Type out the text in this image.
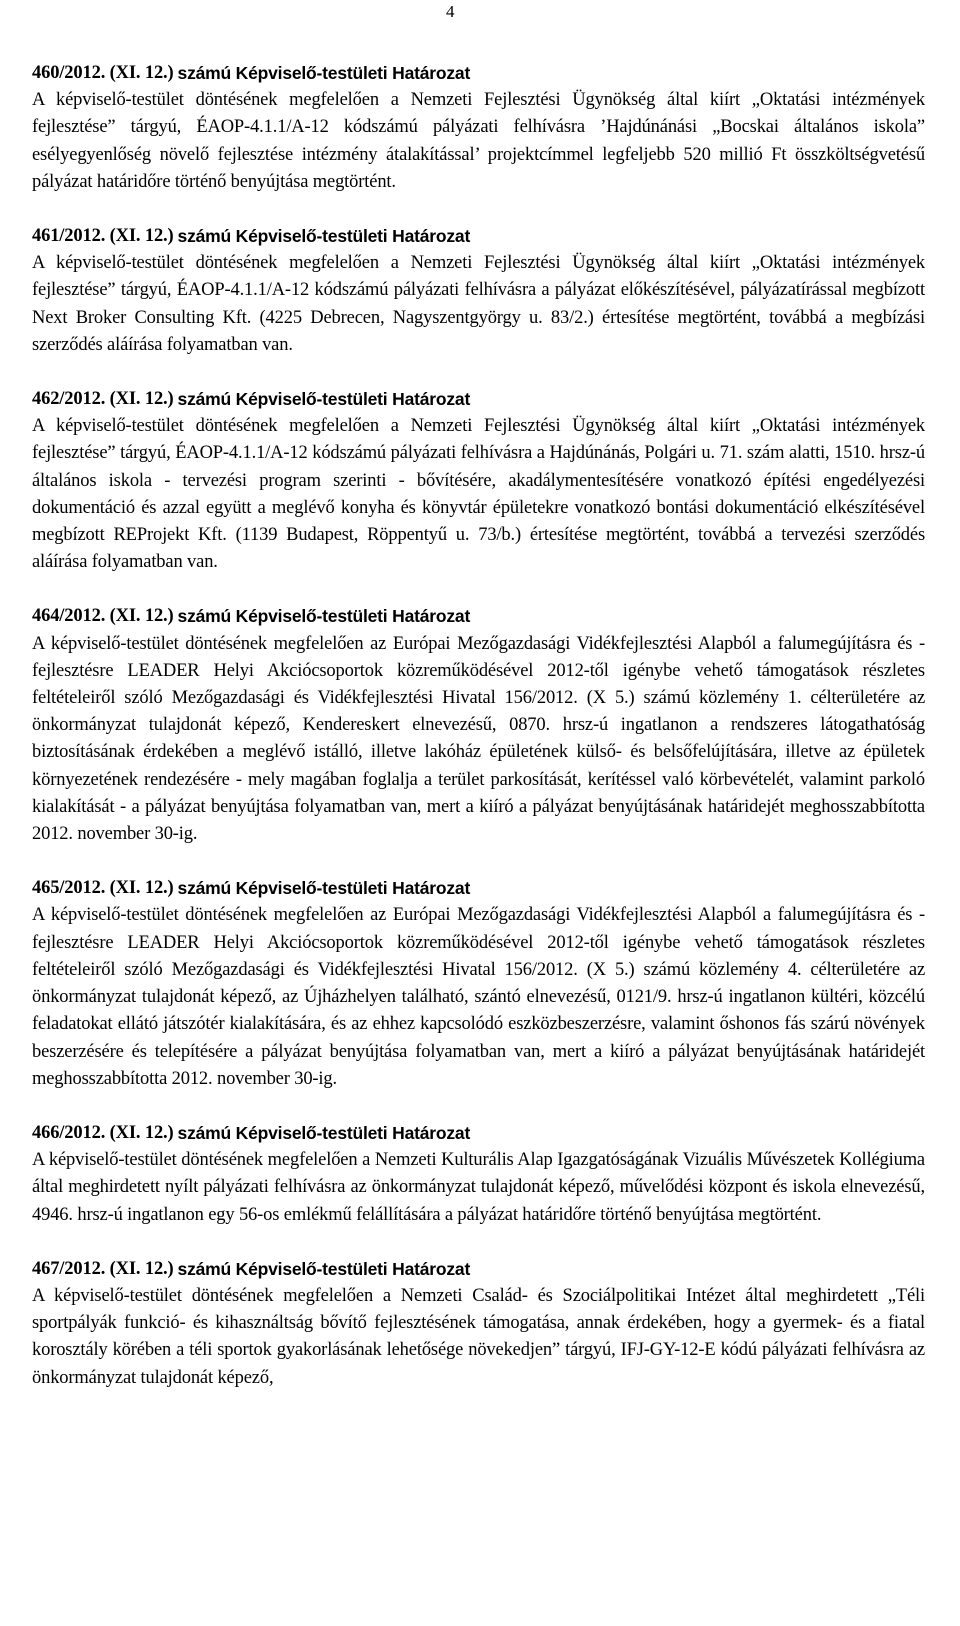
4
460/2012. (XI. 12.) számú Képviselő-testületi Határozat

A képviselő-testület döntésének megfelelően a Nemzeti Fejlesztési Ügynökség által kiírt „Oktatási intézmények fejlesztése” tárgyú, ÉAOP-4.1.1/A-12 kódszámú pályázati felhívásra ’Hajdúnánási „Bocskai általános iskola” esélyegyenlőség növelő fejlesztése intézmény átalakítással’ projektcímmel legfeljebb 520 millió Ft összköltségvetésű pályázat határidőre történő benyújtása megtörtént.

461/2012. (XI. 12.) számú Képviselő-testületi Határozat

A képviselő-testület döntésének megfelelően a Nemzeti Fejlesztési Ügynökség által kiírt „Oktatási intézmények fejlesztése” tárgyú, ÉAOP-4.1.1/A-12 kódszámú pályázati felhívásra a pályázat előkészítésével, pályázatírással megbízott Next Broker Consulting Kft. (4225 Debrecen, Nagyszentgyörgy u. 83/2.) értesítése megtörtént, továbbá a megbízási szerződés aláírása folyamatban van.

462/2012. (XI. 12.) számú Képviselő-testületi Határozat

A képviselő-testület döntésének megfelelően a Nemzeti Fejlesztési Ügynökség által kiírt „Oktatási intézmények fejlesztése” tárgyú, ÉAOP-4.1.1/A-12 kódszámú pályázati felhívásra a Hajdúnánás, Polgári u. 71. szám alatti, 1510. hrsz-ú általános iskola - tervezési program szerinti - bővítésére, akadálymentesítésére vonatkozó építési engedélyezési dokumentáció és azzal együtt a meglévő konyha és könyvtár épületekre vonatkozó bontási dokumentáció elkészítésével megbízott REProjekt Kft. (1139 Budapest, Röppentyű u. 73/b.) értesítése megtörtént, továbbá a tervezési szerződés aláírása folyamatban van.

464/2012. (XI. 12.) számú Képviselő-testületi Határozat

A képviselő-testület döntésének megfelelően az Európai Mezőgazdasági Vidékfejlesztési Alapból a falumegújításra és -fejlesztésre LEADER Helyi Akciócsoportok közreműködésével 2012-től igénybe vehető támogatások részletes feltételeiről szóló Mezőgazdasági és Vidékfejlesztési Hivatal 156/2012. (X 5.) számú közlemény 1. célterületére az önkormányzat tulajdonát képező, Kendereskert elnevezésű, 0870. hrsz-ú ingatlanon a rendszeres látogathatóság biztosításának érdekében a meglévő istálló, illetve lakóház épületének külső- és belsőfelújítására, illetve az épületek környezetének rendezésére - mely magában foglalja a terület parkosítását, kerítéssel való körbevételét, valamint parkoló kialakítását - a pályázat benyújtása folyamatban van, mert a kiíró a pályázat benyújtásának határidejét meghosszabbította 2012. november 30-ig.

465/2012. (XI. 12.) számú Képviselő-testületi Határozat

A képviselő-testület döntésének megfelelően az Európai Mezőgazdasági Vidékfejlesztési Alapból a falumegújításra és -fejlesztésre LEADER Helyi Akciócsoportok közreműködésével 2012-től igénybe vehető támogatások részletes feltételeiről szóló Mezőgazdasági és Vidékfejlesztési Hivatal 156/2012. (X 5.) számú közlemény 4. célterületére az önkormányzat tulajdonát képező, az Újházhelyen található, szántó elnevezésű, 0121/9. hrsz-ú ingatlanon kültéri, közcélú feladatokat ellátó játszótér kialakítására, és az ehhez kapcsolódó eszközbeszerzésre, valamint őshonos fás szárú növények beszerzésére és telepítésére a pályázat benyújtása folyamatban van, mert a kiíró a pályázat benyújtásának határidejét meghosszabbította 2012. november 30-ig.

466/2012. (XI. 12.) számú Képviselő-testületi Határozat

A képviselő-testület döntésének megfelelően a Nemzeti Kulturális Alap Igazgatóságának Vizuális Művészetek Kollégiuma által meghirdetett nyílt pályázati felhívásra az önkormányzat tulajdonát képező, művelődési központ és iskola elnevezésű, 4946. hrsz-ú ingatlanon egy 56-os emlékmű felállítására a pályázat határidőre történő benyújtása megtörtént.

467/2012. (XI. 12.) számú Képviselő-testületi Határozat

A képviselő-testület döntésének megfelelően a Nemzeti Család- és Szociálpolitikai Intézet által meghirdetett „Téli sportpályák funkció- és kihasználtság bővítő fejlesztésének támogatása, annak érdekében, hogy a gyermek- és a fiatal korosztály körében a téli sportok gyakorlásának lehetősége növekedjen” tárgyú, IFJ-GY-12-E kódú pályázati felhívásra az önkormányzat tulajdonát képező,
